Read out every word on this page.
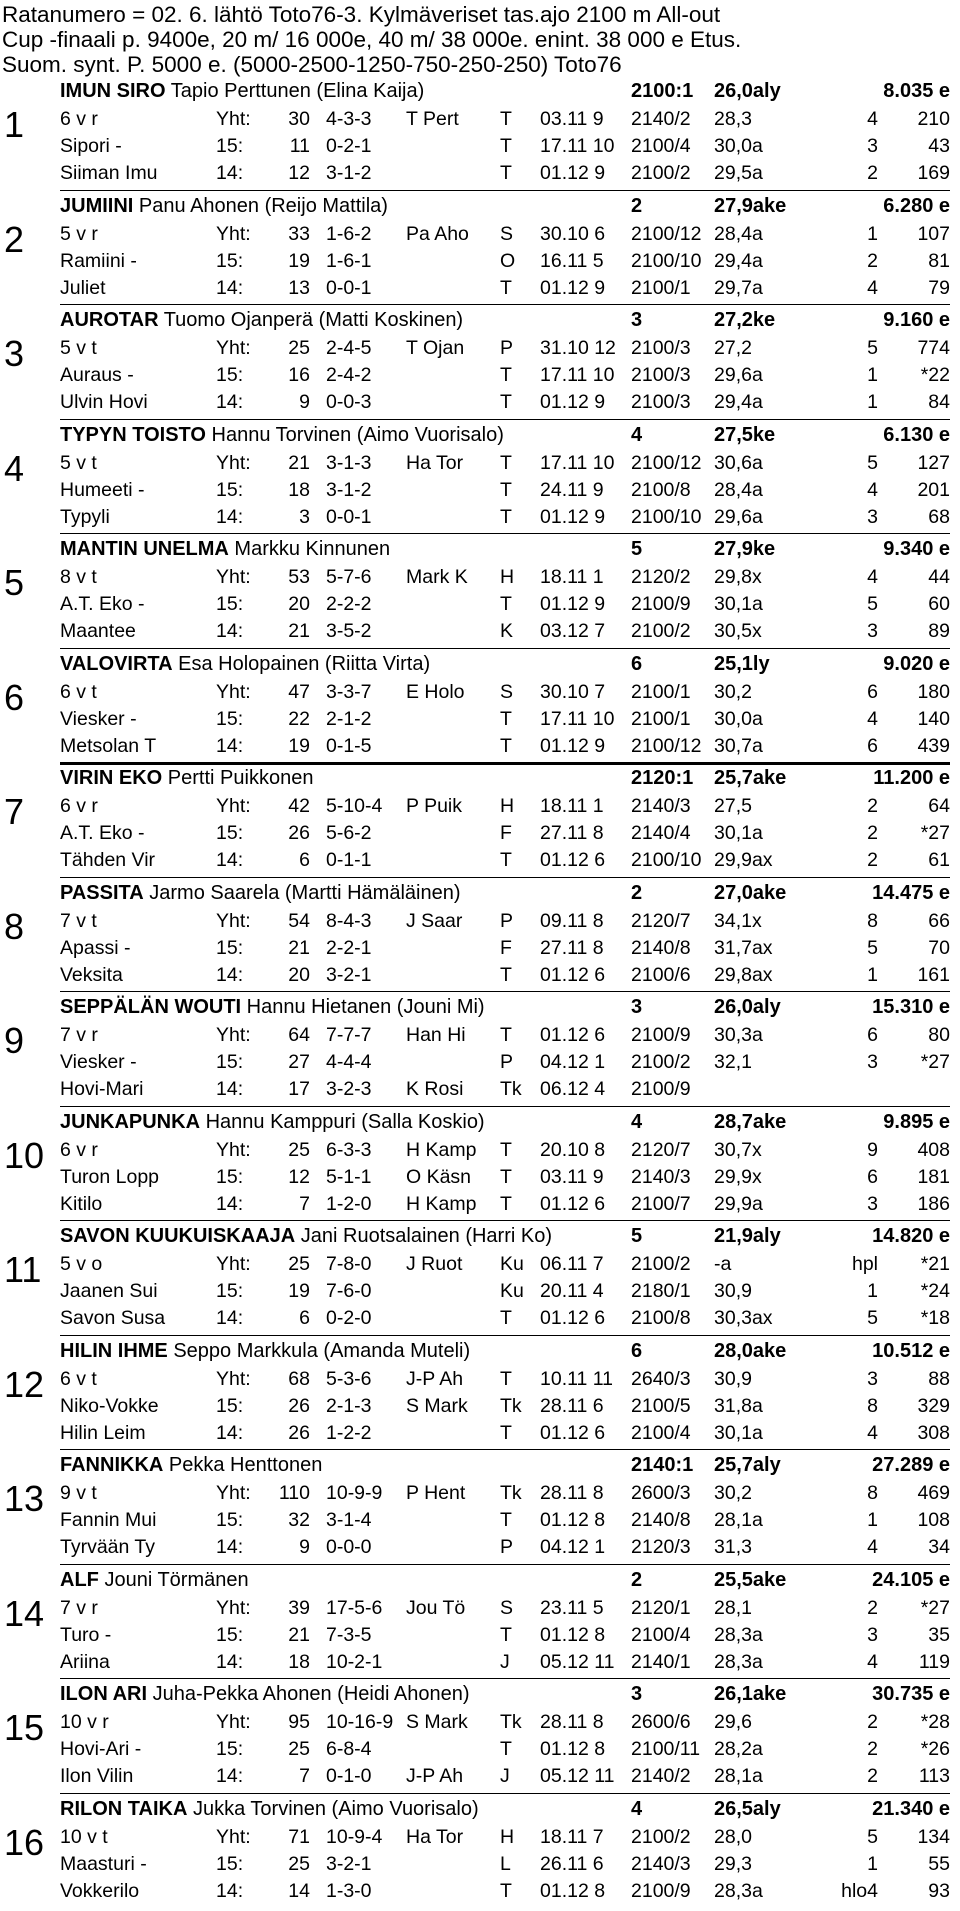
Ratanumero = 02. 6. lähtö Toto76-3. Kylmäveriset tas.ajo 2100 m All-out
Cup -finaali p. 9400e, 20 m/ 16 000e, 40 m/ 38 000e. enint. 38 000 e Etus.
Suom. synt. P. 5000 e. (5000-2500-1250-750-250-250) Toto76
1
IMUN SIRO Tapio Perttunen (Elina Kaija)	2100:1	26,0aly	8.035 e
6 v r	Yht:	30 4-3-3	T Pert	T	03.11 9	2140/2	28,3	4	210
Sipori -	15:	11 0-2-1	T	17.11 10 2100/4	30,0a	3	43
Siiman Imu	14:	12 3-1-2	T	01.12 9	2100/2	29,5a	2	169
2
JUMIINI Panu Ahonen (Reijo Mattila)	2	27,9ake	6.280 e
5 v r	Yht:	33 1-6-2	Pa Aho	S	30.10 6	2100/12 28,4a	1	107
Ramiini -	15:	19 1-6-1	O	16.11 5	2100/10 29,4a	2	81
Juliet	14:	13 0-0-1	T	01.12 9	2100/1	29,7a	4	79
3
AUROTAR Tuomo Ojanperä (Matti Koskinen)	3	27,2ke	9.160 e
5 v t	Yht:	25 2-4-5	T Ojan	P	31.10 12 2100/3	27,2	5	774
Auraus -	15:	16 2-4-2	T	17.11 10 2100/3	29,6a	1	*22
Ulvin Hovi	14:	9 0-0-3	T	01.12 9	2100/3	29,4a	1	84
4
TYPYN TOISTO Hannu Torvinen (Aimo Vuorisalo)	4	27,5ke	6.130 e
5 v t	Yht:	21 3-1-3	Ha Tor	T	17.11 10 2100/12 30,6a	5	127
Humeeti -	15:	18 3-1-2	T	24.11 9	2100/8	28,4a	4	201
Typyli	14:	3 0-0-1	T	01.12 9	2100/10 29,6a	3	68
5
MANTIN UNELMA Markku Kinnunen	5	27,9ke	9.340 e
8 v t	Yht:	53 5-7-6	Mark K	H	18.11 1	2120/2	29,8x	4	44
A.T. Eko -	15:	20 2-2-2	T	01.12 9	2100/9	30,1a	5	60
Maantee	14:	21 3-5-2	K	03.12 7	2100/2	30,5x	3	89
6
VALOVIRTA Esa Holopainen (Riitta Virta)	6	25,1ly	9.020 e
6 v t	Yht:	47 3-3-7	E Holo	S	30.10 7	2100/1	30,2	6	180
Viesker -	15:	22 2-1-2	T	17.11 10 2100/1	30,0a	4	140
Metsolan T	14:	19 0-1-5	T	01.12 9	2100/12 30,7a	6	439
7
VIRIN EKO Pertti Puikkonen	2120:1	25,7ake	11.200 e
6 v r	Yht:	42 5-10-4	P Puik	H	18.11 1	2140/3	27,5	2	64
A.T. Eko -	15:	26 5-6-2	F	27.11 8	2140/4	30,1a	2	*27
Tähden Vir	14:	6 0-1-1	T	01.12 6	2100/10 29,9ax	2	61
8
PASSITA Jarmo Saarela (Martti Hämäläinen)	2	27,0ake	14.475 e
7 v t	Yht:	54 8-4-3	J Saar	P	09.11 8	2120/7	34,1x	8	66
Apassi -	15:	21 2-2-1	F	27.11 8	2140/8	31,7ax	5	70
Veksita	14:	20 3-2-1	T	01.12 6	2100/6	29,8ax	1	161
9
SEPPÄLÄN WOUTI Hannu Hietanen (Jouni Mi)	3	26,0aly	15.310 e
7 v r	Yht:	64 7-7-7	Han Hi	T	01.12 6	2100/9	30,3a	6	80
Viesker -	15:	27 4-4-4	P	04.12 1	2100/2	32,1	3	*27
Hovi-Mari	14:	17 3-2-3	K Rosi	Tk 06.12 4	2100/9
10
JUNKAPUNKA Hannu Kamppuri (Salla Koskio)	4	28,7ake	9.895 e
6 v r	Yht:	25 6-3-3	H Kamp	T	20.10 8	2120/7	30,7x	9	408
Turon Lopp	15:	12 5-1-1	O Käsn	T	03.11 9	2140/3	29,9x	6	181
Kitilo	14:	7 1-2-0	H Kamp	T	01.12 6	2100/7	29,9a	3	186
11
SAVON KUUKUISKAAJA Jani Ruotsalainen (Harri Ko)	5	21,9aly	14.820 e
5 v o	Yht:	25 7-8-0	J Ruot	Ku 06.11 7	2100/2	-a	hpl	*21
Jaanen Sui	15:	19 7-6-0	Ku 20.11 4	2180/1	30,9	1	*24
Savon Susa	14:	6 0-2-0	T	01.12 6	2100/8	30,3ax	5	*18
12
HILIN IHME Seppo Markkula (Amanda Muteli)	6	28,0ake	10.512 e
6 v t	Yht:	68 5-3-6	J-P Ah	T	10.11 11 2640/3	30,9	3	88
Niko-Vokke	15:	26 2-1-3	S Mark	Tk 28.11 6	2100/5	31,8a	8	329
Hilin Leim	14:	26 1-2-2	T	01.12 6	2100/4	30,1a	4	308
13
FANNIKKA Pekka Henttonen	2140:1	25,7aly	27.289 e
9 v t	Yht:	110 10-9-9	P Hent	Tk 28.11 8	2600/3	30,2	8	469
Fannin Mui	15:	32 3-1-4	T	01.12 8	2140/8	28,1a	1	108
Tyrvään Ty	14:	9 0-0-0	P	04.12 1	2120/3	31,3	4	34
14
ALF Jouni Törmänen	2	25,5ake	24.105 e
7 v r	Yht:	39 17-5-6	Jou Tö	S	23.11 5	2120/1	28,1	2	*27
Turo -	15:	21 7-3-5	T	01.12 8	2100/4	28,3a	3	35
Ariina	14:	18 10-2-1	J	05.12 11 2140/1	28,3a	4	119
15
ILON ARI Juha-Pekka Ahonen (Heidi Ahonen)	3	26,1ake	30.735 e
10 v r	Yht:	95 10-16-9 S Mark	Tk 28.11 8	2600/6	29,6	2	*28
Hovi-Ari -	15:	25 6-8-4	T	01.12 8	2100/11 28,2a	2	*26
Ilon Vilin	14:	7 0-1-0	J-P Ah	J	05.12 11 2140/2	28,1a	2	113
16
RILON TAIKA Jukka Torvinen (Aimo Vuorisalo)	4	26,5aly	21.340 e
10 v t	Yht:	71 10-9-4	Ha Tor	H	18.11 7	2100/2	28,0	5	134
Maasturi -	15:	25 3-2-1	L	26.11 6	2140/3	29,3	1	55
Vokkerilo	14:	14 1-3-0	T	01.12 8	2100/9	28,3a	hlo4	93
